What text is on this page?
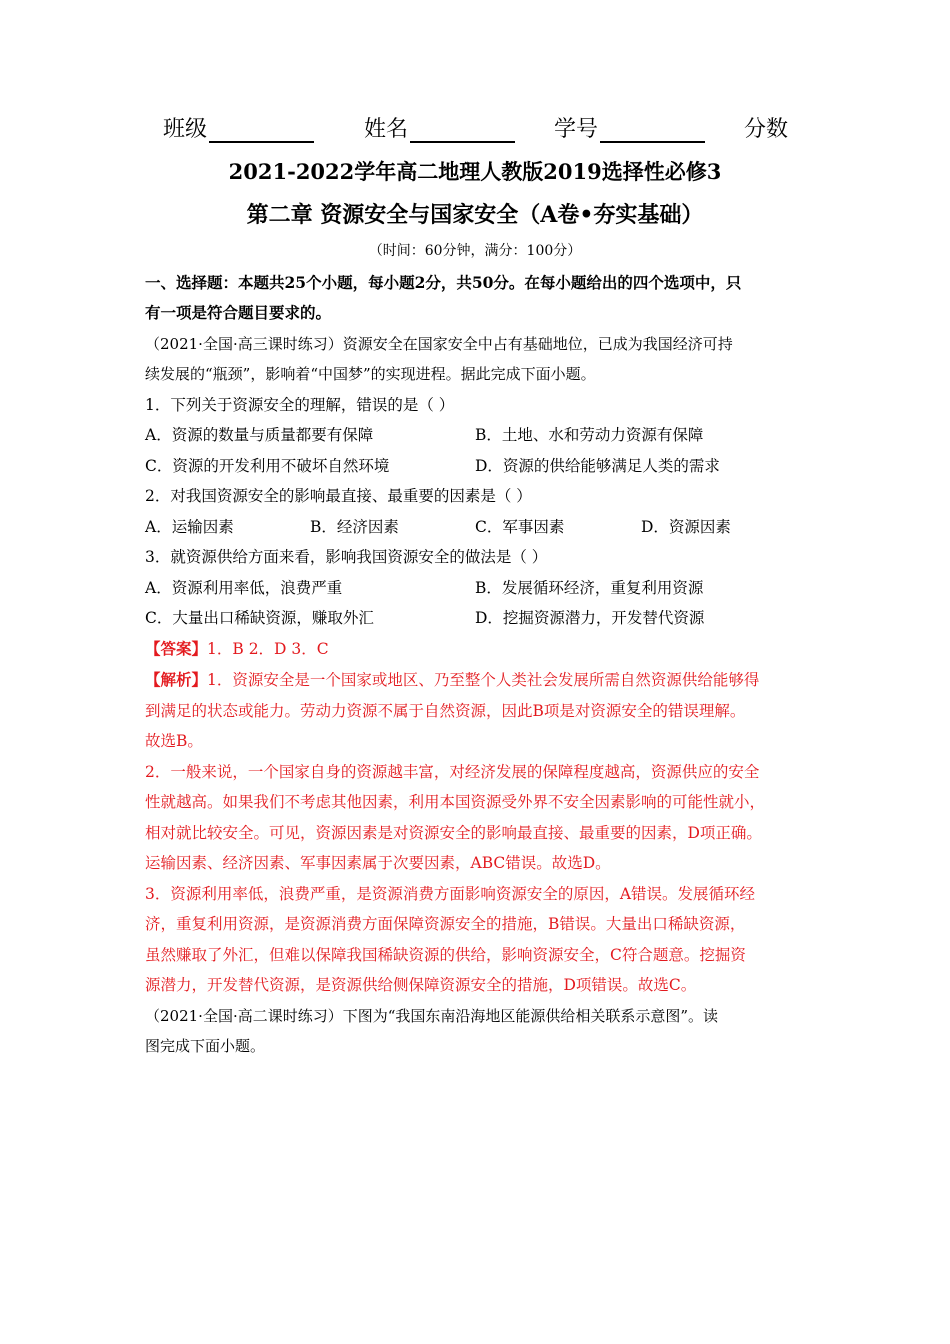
班级	姓名	学号	分数
2021-2022学年高二地理人教版2019选择性必修3
第二章 资源安全与国家安全（A卷•夯实基础）
（时间：60分钟，满分：100分）
一、选择题：本题共25个小题，每小题2分，共50分。在每小题给出的四个选项中，只
有一项是符合题目要求的。
（2021·全国·高三课时练习）资源安全在国家安全中占有基础地位，已成为我国经济可持
续发展的“瓶颈”，影响着“中国梦”的实现进程。据此完成下面小题。
1．下列关于资源安全的理解，错误的是（ ）
A．资源的数量与质量都要有保障	B．土地、水和劳动力资源有保障
C．资源的开发利用不破坏自然环境	D．资源的供给能够满足人类的需求
2．对我国资源安全的影响最直接、最重要的因素是（ ）
A．运输因素	B．经济因素	C．军事因素	D．资源因素
3．就资源供给方面来看，影响我国资源安全的做法是（ ）
A．资源利用率低，浪费严重	B．发展循环经济，重复利用资源
C．大量出口稀缺资源，赚取外汇	D．挖掘资源潜力，开发替代资源
【答案】1．B 2．D 3．C
【解析】1．资源安全是一个国家或地区、乃至整个人类社会发展所需自然资源供给能够得
到满足的状态或能力。劳动力资源不属于自然资源，因此B项是对资源安全的错误理解。
故选B。
2．一般来说，一个国家自身的资源越丰富，对经济发展的保障程度越高，资源供应的安全
性就越高。如果我们不考虑其他因素，利用本国资源受外界不安全因素影响的可能性就小，
相对就比较安全。可见，资源因素是对资源安全的影响最直接、最重要的因素，D项正确。
运输因素、经济因素、军事因素属于次要因素，ABC错误。故选D。
3．资源利用率低，浪费严重，是资源消费方面影响资源安全的原因，A错误。发展循环经
济，重复利用资源，是资源消费方面保障资源安全的措施，B错误。大量出口稀缺资源，
虽然赚取了外汇，但难以保障我国稀缺资源的供给，影响资源安全，C符合题意。挖掘资
源潜力，开发替代资源，是资源供给侧保障资源安全的措施，D项错误。故选C。
（2021·全国·高二课时练习）下图为“我国东南沿海地区能源供给相关联系示意图”。读
图完成下面小题。
